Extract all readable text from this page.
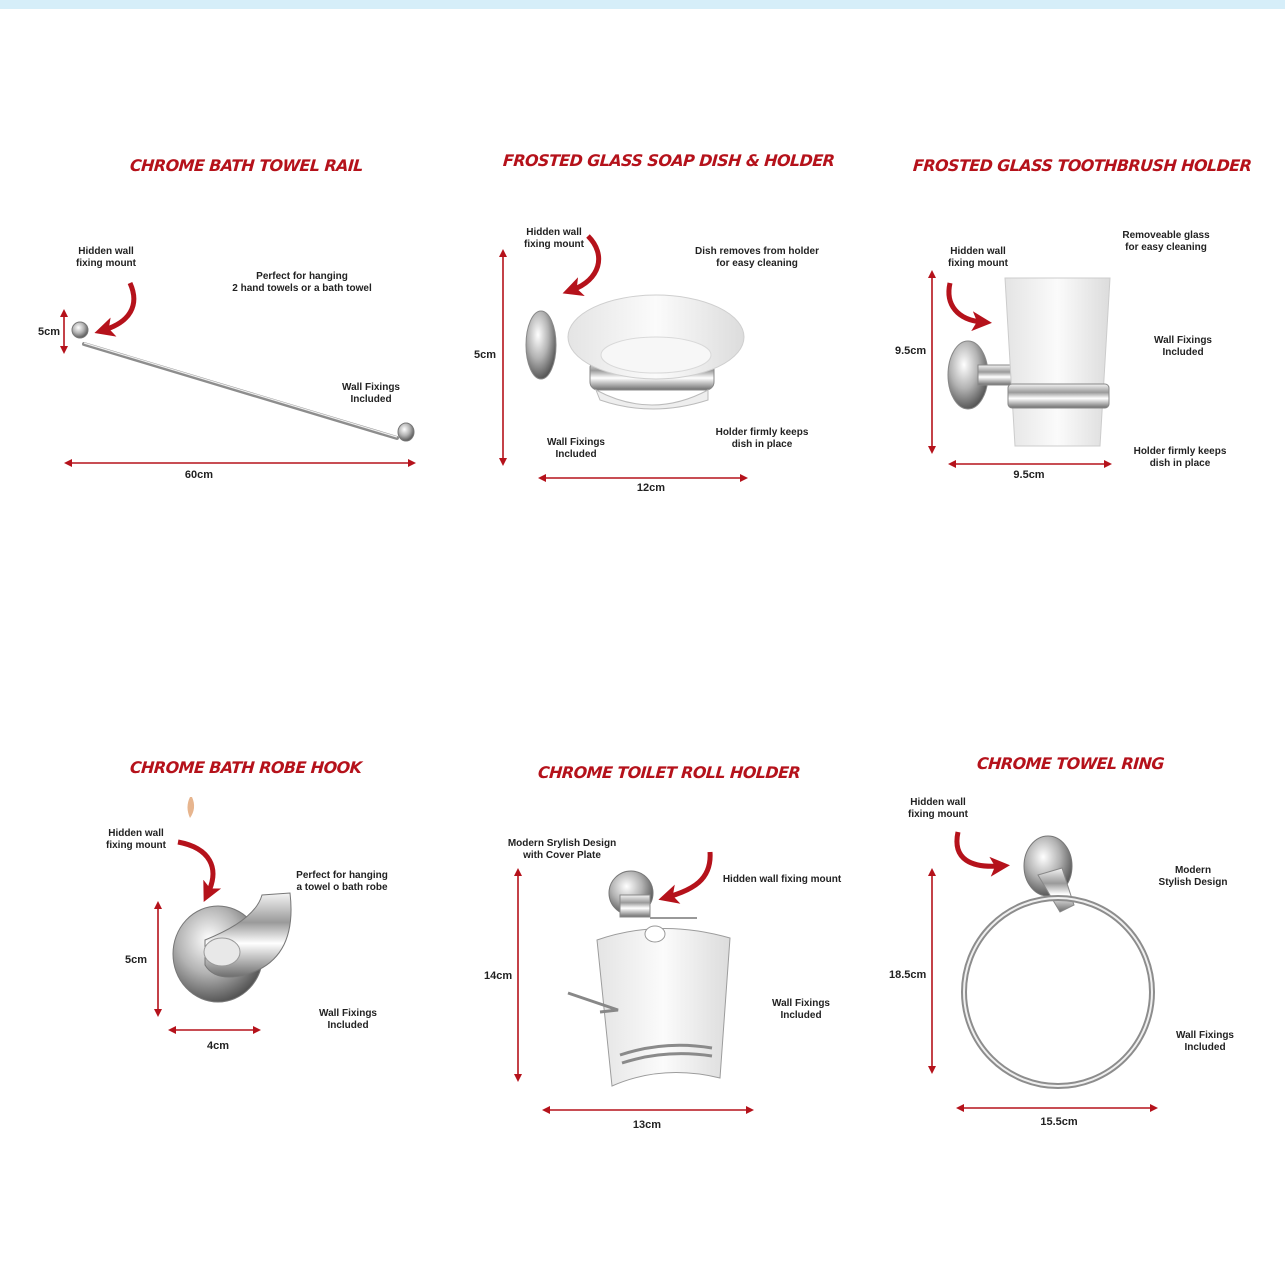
CHROME BATH TOWEL RAIL
Hidden wall
fixing mount
Perfect for hanging
2 hand towels or a bath towel
Wall Fixings
Included
5cm
60cm
FROSTED GLASS SOAP DISH & HOLDER
Hidden wall
fixing mount
Dish removes from holder
for easy cleaning
Wall Fixings
Included
Holder firmly keeps
dish in place
5cm
12cm
FROSTED GLASS TOOTHBRUSH HOLDER
Removeable glass
for easy cleaning
Hidden wall
fixing mount
Wall Fixings
Included
Holder firmly keeps
dish in place
9.5cm
9.5cm
CHROME BATH ROBE HOOK
Hidden wall
fixing mount
Perfect for hanging
a towel o bath robe
Wall Fixings
Included
5cm
4cm
CHROME TOILET ROLL HOLDER
Modern Srylish Design
with Cover Plate
Hidden wall fixing mount
Wall Fixings
Included
14cm
13cm
CHROME TOWEL RING
Hidden wall
fixing mount
Modern
Stylish Design
Wall Fixings
Included
18.5cm
15.5cm
